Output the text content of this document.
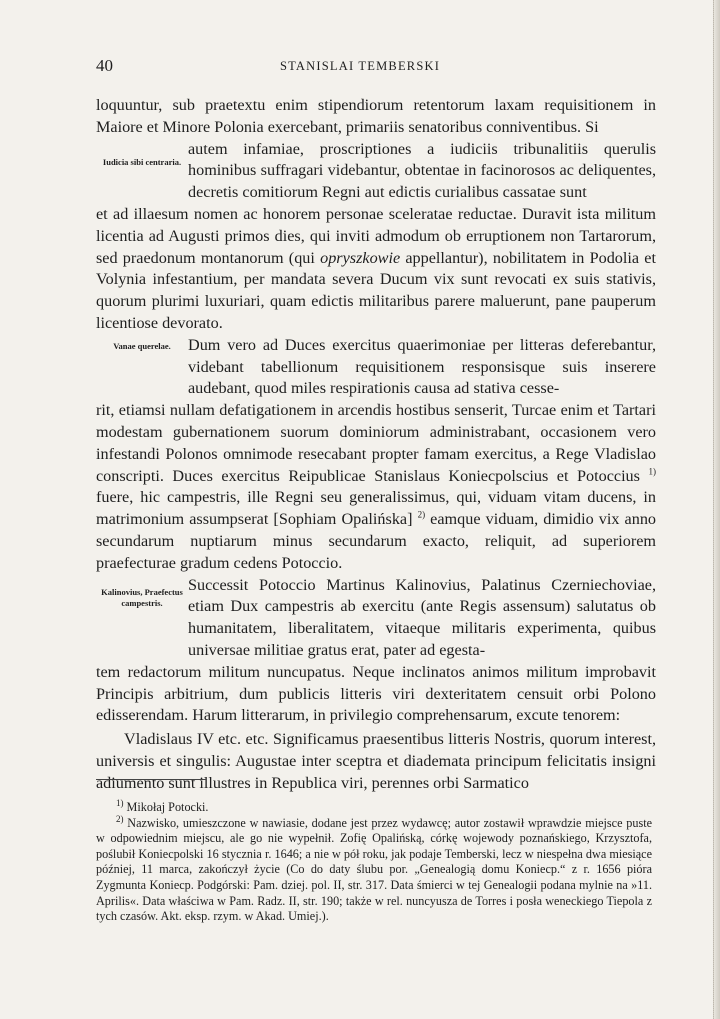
40	STANISLAI TEMBERSKI

loquuntur, sub praetextu enim stipendiorum retentorum laxam requisitionem in Maiore et Minore Polonia exercebant, primariis senatoribus conniventibus. Si

Iudicia sibi centraria.
autem infamiae, proscriptiones a iudiciis tribunalitiis querulis hominibus suffragari videbantur, obtentae in facinorosos ac deliquentes, decretis comitiorum Regni aut edictis curialibus cassatae sunt

et ad illaesum nomen ac honorem personae sceleratae reductae. Duravit ista militum licentia ad Augusti primos dies, qui inviti admodum ob erruptionem non Tartarorum, sed praedonum montanorum (qui opryszkowie appellantur), nobilitatem in Podolia et Volynia infestantium, per mandata severa Ducum vix sunt revocati ex suis stativis, quorum plurimi luxuriari, quam edictis militaribus parere maluerunt, pane pauperum licentiose devorato.

Vanae querelae.	Dum vero ad Duces exercitus quaerimoniae per litteras deferebantur, videbant tabellionum requisitionem responsisque suis inserere audebant, quod miles respirationis causa ad stativa cesse-

rit, etiamsi nullam defatigationem in arcendis hostibus senserit, Turcae enim et Tartari modestam gubernationem suorum dominiorum administrabant, occasionem vero infestandi Polonos omnimode resecabant propter famam exercitus, a Rege Vladislao conscripti. Duces exercitus Reipublicae Stanislaus Koniecpolscius et Potoccius $^{1)}$ fuere, hic campestris, ille Regni seu generalissimus, qui, viduam vitam ducens, in matrimonium assumpserat [Sophiam Opalińska] $^{2)}$ eamque viduam, dimidio vix anno secundarum nuptiarum minus secundarum exacto, reliquit, ad superiorem praefecturae gradum cedens Potoccio.

Kalinovius, Praefectus campestris.
Successit Potoccio Martinus Kalinovius, Palatinus Czerniechoviae, etiam Dux campestris ab exercitu (ante Regis assensum) salutatus ob humanitatem, liberalitatem, vitaeque militaris experimenta, quibus universae militiae gratus erat, pater ad egesta-

tem redactorum militum nuncupatus. Neque inclinatos animos militum improbavit Principis arbitrium, dum publicis litteris viri dexteritatem censuit orbi Polono edisserendam. Harum litterarum, in privilegio comprehensarum, excute tenorem:

Vladislaus IV etc. etc. Significamus praesentibus litteris Nostris, quorum interest, universis et singulis: Augustae inter sceptra et diademata principum felicitatis insigni adiumento sunt illustres in Republica viri, perennes orbi Sarmatico

$^{1)}$ Mikołaj Potocki.

$^{2)}$ Nazwisko, umieszczone w nawiasie, dodane jest przez wydawcę; autor zostawił wprawdzie miejsce puste w odpowiednim miejscu, ale go nie wypełnił. Zofię Opalińską, córkę wojewody poznańskiego, Krzysztofa, poślubił Koniecpolski 16 stycznia r. 1646; a nie w pół roku, jak podaje Temberski, lecz w niespełna dwa miesiące później, 11 marca, zakończył życie (Co do daty ślubu por. „Genealogią domu Koniecp.“ z r. 1656 pióra Zygmunta Koniecp. Podgórski: Pam. dziej. pol. II, str. 317. Data śmierci w tej Genealogii podana mylnie na »11. Aprilis«. Data właściwa w Pam. Radz. II, str. 190; także w rel. nuncyusza de Torres i posła weneckiego Tiepola z tych czasów. Akt. eksp. rzym. w Akad. Umiej.).
